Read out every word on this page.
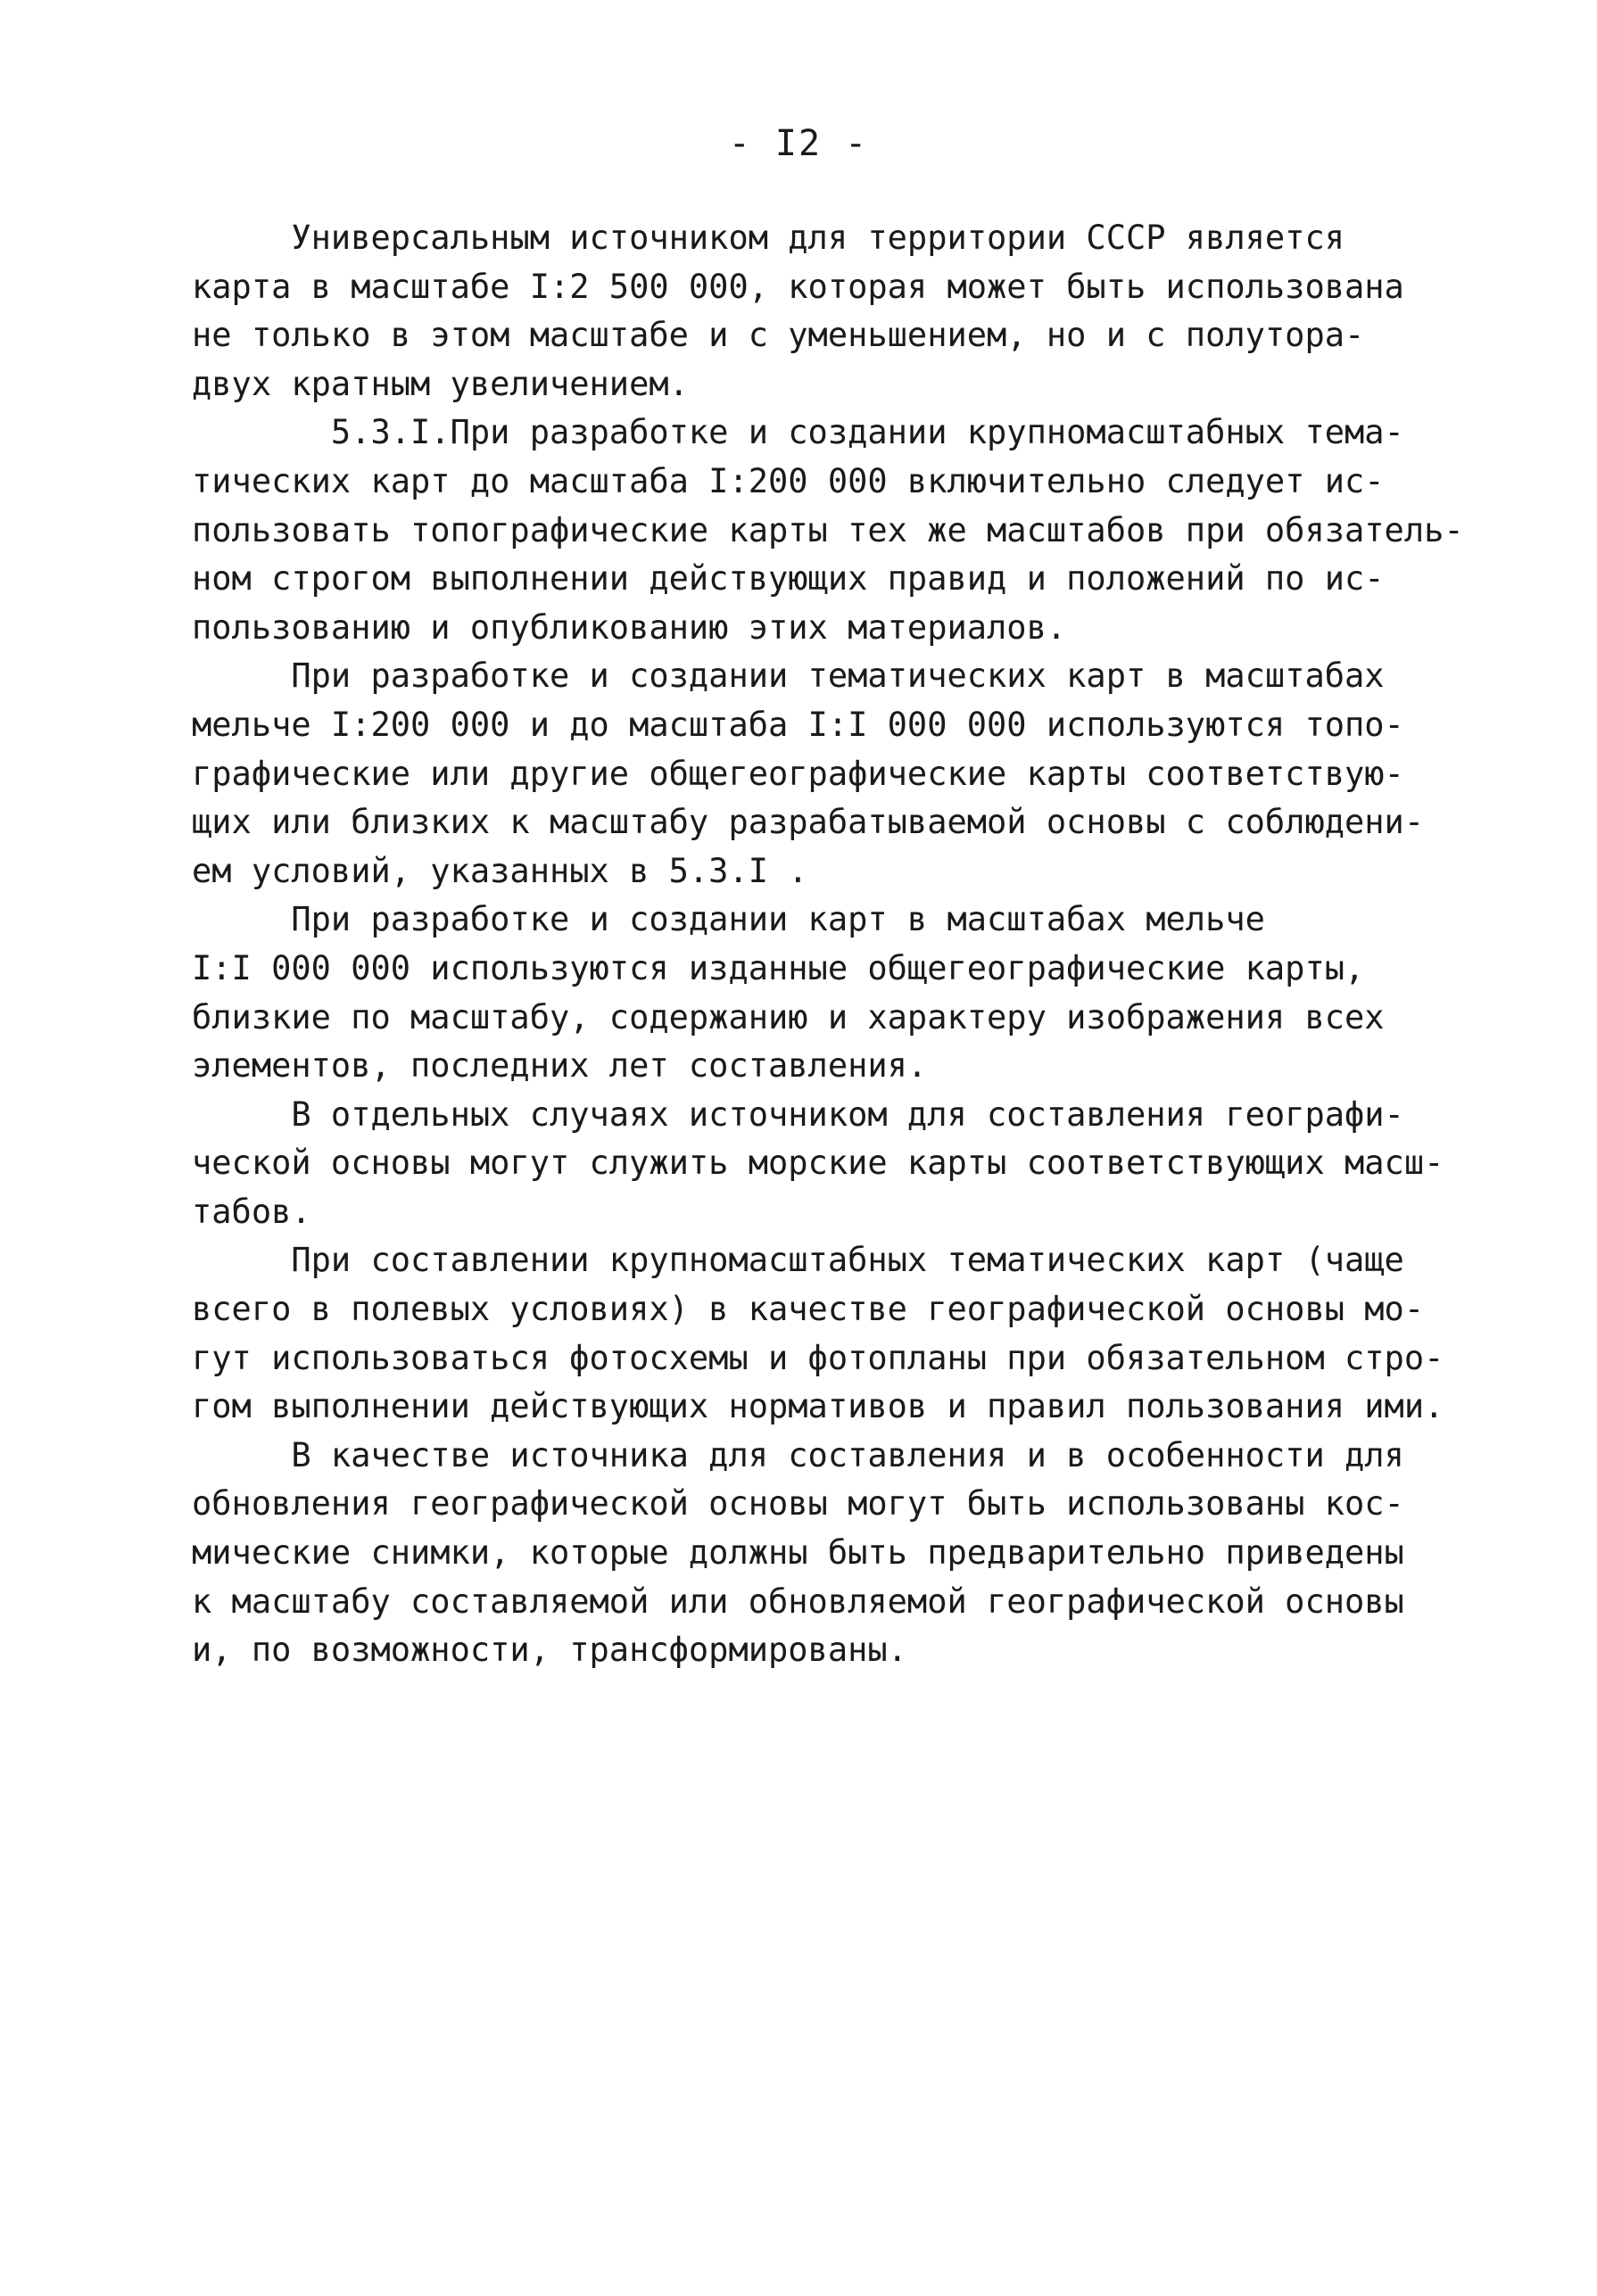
- I2 -
Универсальным источником для территории СССР является
карта в масштабе I:2 500 000, которая может быть использована
не только в этом масштабе и с уменьшением, но и с полутора-
двух кратным увеличением.
5.3.I.При разработке и создании крупномасштабных тема-
тических карт до масштаба I:200 000 включительно следует ис-
пользовать топографические карты тех же масштабов при обязатель-
ном строгом выполнении действующих правид и положений по ис-
пользованию и опубликованию этих материалов.
При разработке и создании тематических карт в масштабах
мельче I:200 000 и до масштаба I:I 000 000 используются топо-
графические или другие общегеографические карты соответствую-
щих или близких к масштабу разрабатываемой основы с соблюдени-
ем условий, указанных в 5.3.I .
При разработке и создании карт в масштабах мельче
I:I 000 000 используются изданные общегеографические карты,
близкие по масштабу, содержанию и характеру изображения всех
элементов, последних лет составления.
В отдельных случаях источником для составления географи-
ческой основы могут служить морские карты соответствующих масш-
табов.
При составлении крупномасштабных тематических карт (чаще
всего в полевых условиях) в качестве географической основы мо-
гут использоваться фотосхемы и фотопланы при обязательном стро-
гом выполнении действующих нормативов и правил пользования ими.
В качестве источника для составления и в особенности для
обновления географической основы могут быть использованы кос-
мические снимки, которые должны быть предварительно приведены
к масштабу составляемой или обновляемой географической основы
и, по возможности, трансформированы.
